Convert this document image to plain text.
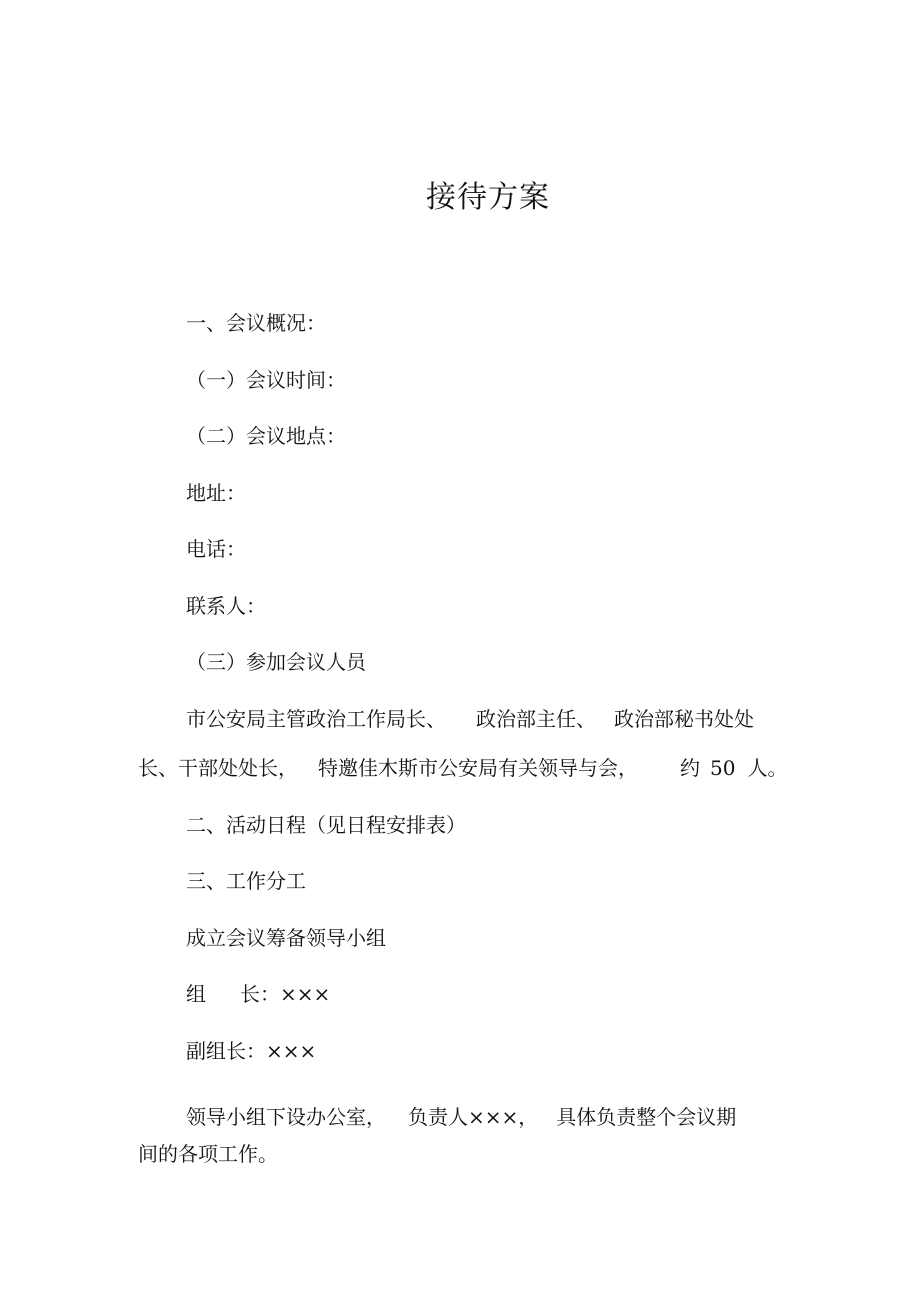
接待方案
一、会议概况：
（一）会议时间：
（二）会议地点：
地址：
电话：
联系人：
（三）参加会议人员
市公安局主管政治工作局长、 政治部主任、 政治部秘书处处
长、干部处处长， 特邀佳木斯市公安局有关领导与会， 约 50 人。
二、活动日程（见日程安排表）
三、工作分工
成立会议筹备领导小组
组 长：×××
副组长：×××
领导小组下设办公室， 负责人×××， 具体负责整个会议期
间的各项工作。
